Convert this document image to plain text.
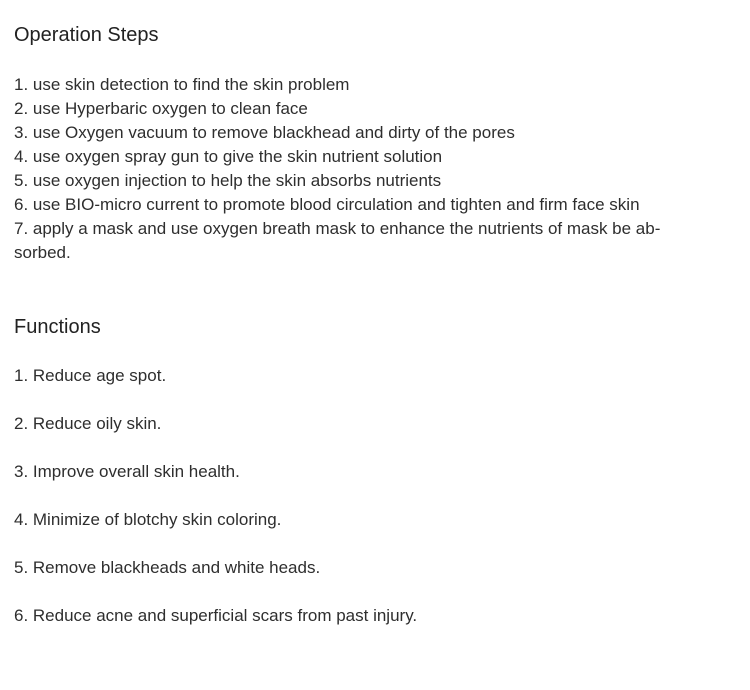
Operation Steps
1. use skin detection to find the skin problem
2. use Hyperbaric oxygen to clean face
3. use Oxygen vacuum to remove blackhead and dirty of the pores
4. use oxygen spray gun to give the skin nutrient solution
5. use oxygen injection to help the skin absorbs nutrients
6. use BIO-micro current to promote blood circulation and tighten and firm face skin
7. apply a mask and use oxygen breath mask to enhance the nutrients of mask be ab-
sorbed.
Functions
1. Reduce age spot.
2. Reduce oily skin.
3. Improve overall skin health.
4. Minimize of blotchy skin coloring.
5. Remove blackheads and white heads.
6. Reduce acne and superficial scars from past injury.
